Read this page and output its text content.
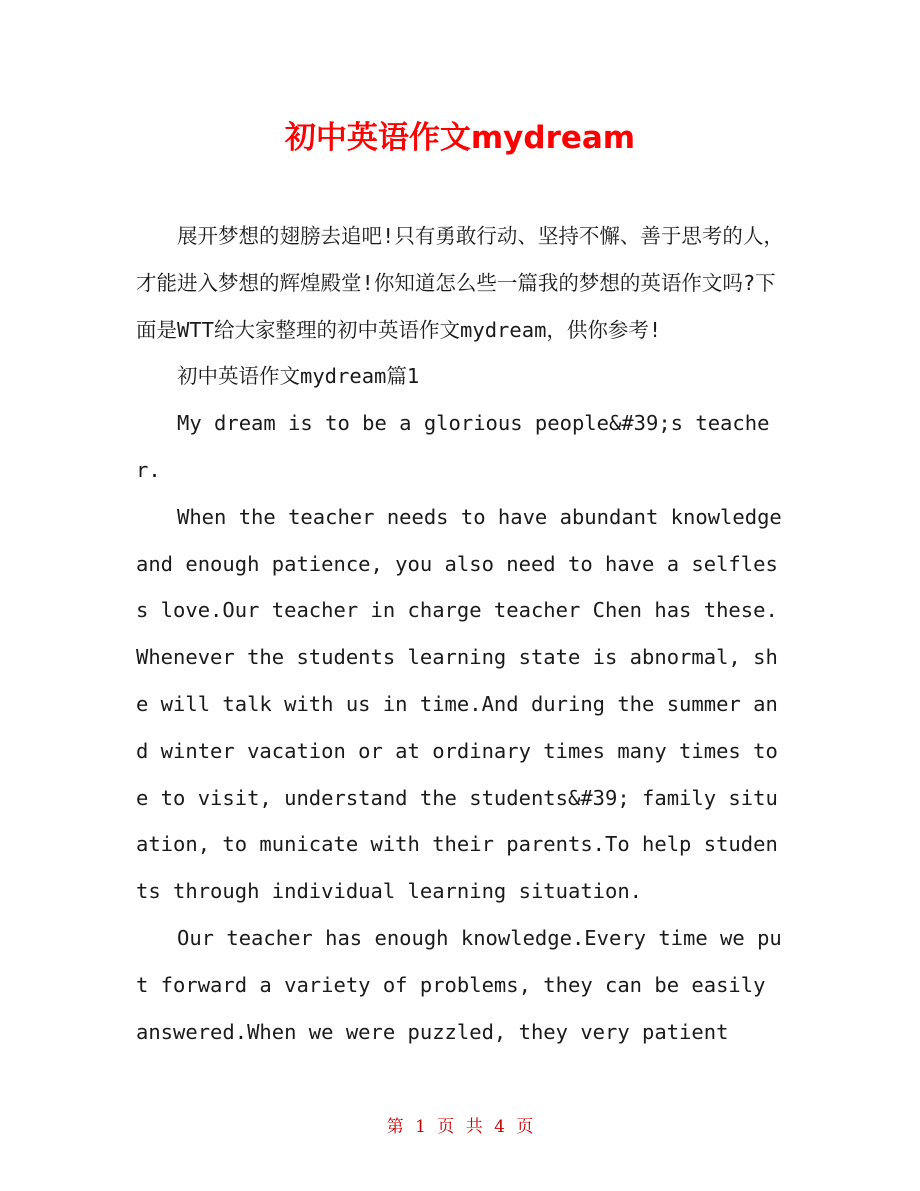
初中英语作文mydream

展开梦想的翅膀去追吧!只有勇敢行动、坚持不懈、善于思考的人，才能进入梦想的辉煌殿堂!你知道怎么些一篇我的梦想的英语作文吗?下面是WTT给大家整理的初中英语作文mydream，供你参考!

初中英语作文mydream篇1

My dream is to be a glorious people&#39;s teacher.

When the teacher needs to have abundant knowledge and enough patience, you also need to have a selfless love.Our teacher in charge teacher Chen has these.Whenever the students learning state is abnormal, she will talk with us in time.And during the summer and winter vacation or at ordinary times many times to e to visit, understand the students&#39; family situation, to municate with their parents.To help students through individual learning situation.

Our teacher has enough knowledge.Every time we put forward a variety of problems, they can be easily answered.When we were puzzled, they very patient

第 1 页 共 4 页
